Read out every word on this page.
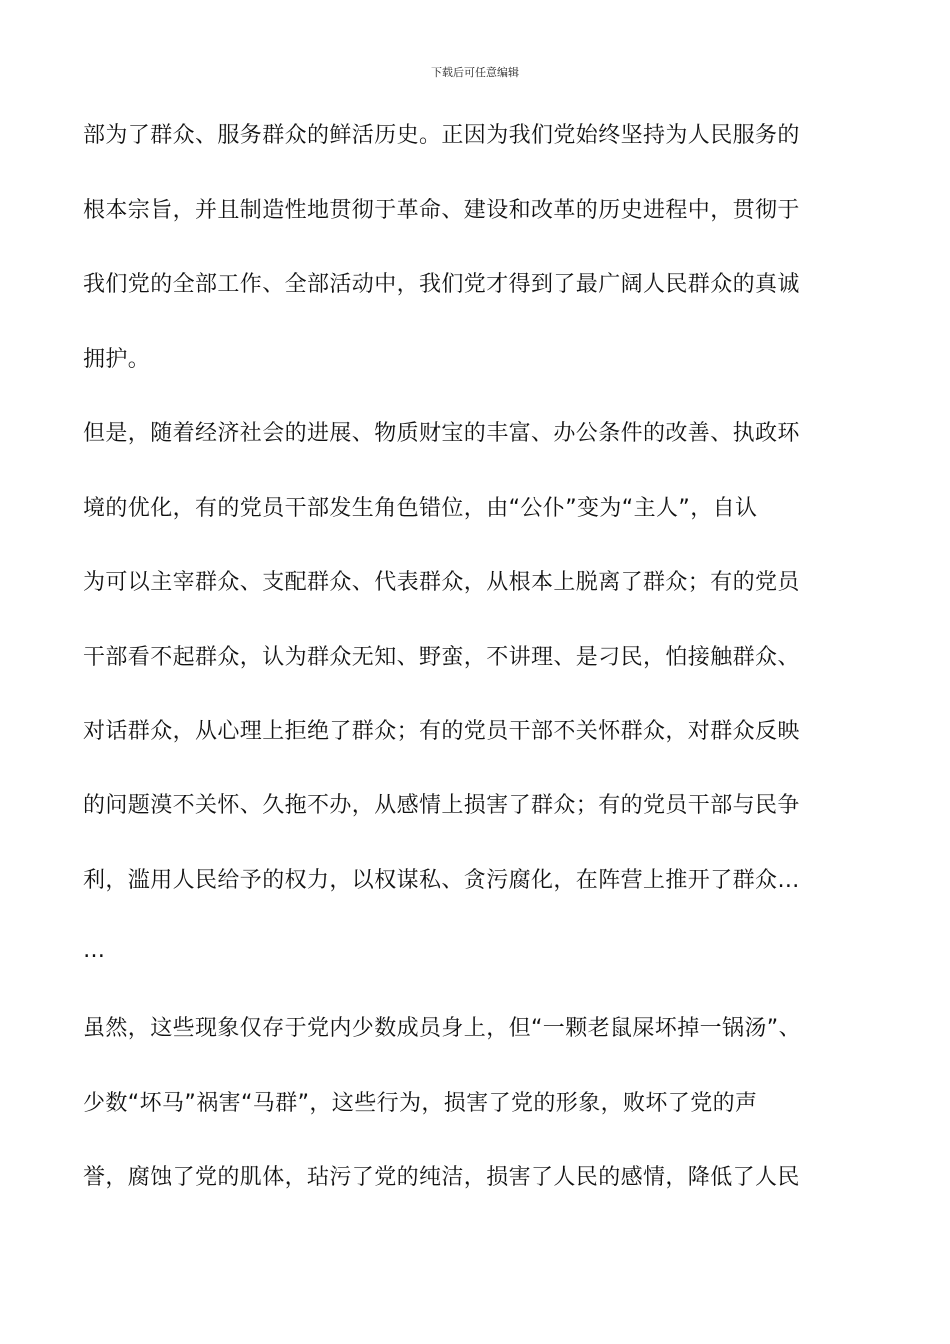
下载后可任意编辑
部为了群众、服务群众的鲜活历史。正因为我们党始终坚持为人民服务的
根本宗旨，并且制造性地贯彻于革命、建设和改革的历史进程中，贯彻于
我们党的全部工作、全部活动中，我们党才得到了最广阔人民群众的真诚
拥护。
但是，随着经济社会的进展、物质财宝的丰富、办公条件的改善、执政环
境的优化，有的党员干部发生角色错位，由“公仆”变为“主人”，自认
为可以主宰群众、支配群众、代表群众，从根本上脱离了群众；有的党员
干部看不起群众，认为群众无知、野蛮，不讲理、是刁民，怕接触群众、
对话群众，从心理上拒绝了群众；有的党员干部不关怀群众，对群众反映
的问题漠不关怀、久拖不办，从感情上损害了群众；有的党员干部与民争
利，滥用人民给予的权力，以权谋私、贪污腐化，在阵营上推开了群众…
…
虽然，这些现象仅存于党内少数成员身上，但“一颗老鼠屎坏掉一锅汤”、
少数“坏马”祸害“马群”，这些行为，损害了党的形象，败坏了党的声
誉，腐蚀了党的肌体，玷污了党的纯洁，损害了人民的感情，降低了人民
